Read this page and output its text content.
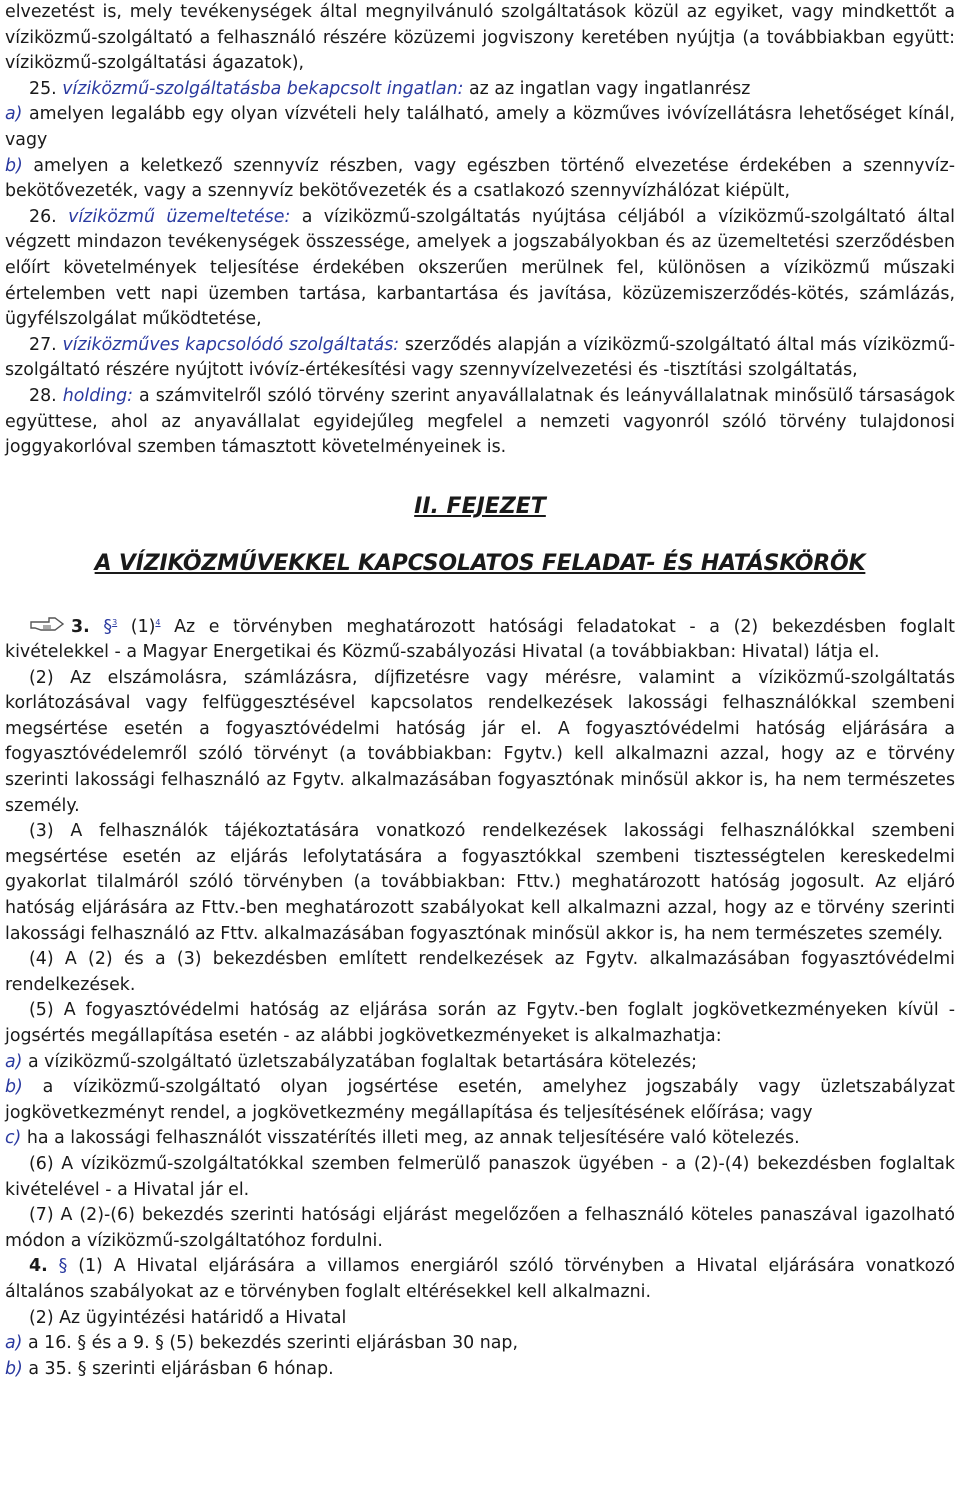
elvezetést is, mely tevékenységek által megnyilvánuló szolgáltatások közül az egyiket, vagy mindkettőt a víziközmű-szolgáltató a felhasználó részére közüzemi jogviszony keretében nyújtja (a továbbiakban együtt: víziközmű-szolgáltatási ágazatok),

25. víziközmű-szolgáltatásba bekapcsolt ingatlan: az az ingatlan vagy ingatlanrész

a) amelyen legalább egy olyan vízvételi hely található, amely a közműves ivóvízellátásra lehetőséget kínál, vagy

b) amelyen a keletkező szennyvíz részben, vagy egészben történő elvezetése érdekében a szennyvíz-bekötővezeték, vagy a szennyvíz bekötővezeték és a csatlakozó szennyvízhálózat kiépült,

26. víziközmű üzemeltetése: a víziközmű-szolgáltatás nyújtása céljából a víziközmű-szolgáltató által végzett mindazon tevékenységek összessége, amelyek a jogszabályokban és az üzemeltetési szerződésben előírt követelmények teljesítése érdekében okszerűen merülnek fel, különösen a víziközmű műszaki értelemben vett napi üzemben tartása, karbantartása és javítása, közüzemiszerződés-kötés, számlázás, ügyfélszolgálat működtetése,

27. víziközműves kapcsolódó szolgáltatás: szerződés alapján a víziközmű-szolgáltató által más víziközmű-szolgáltató részére nyújtott ivóvíz-értékesítési vagy szennyvízelvezetési és -tisztítási szolgáltatás,

28. holding: a számvitelről szóló törvény szerint anyavállalatnak és leányvállalatnak minősülő társaságok együttese, ahol az anyavállalat egyidejűleg megfelel a nemzeti vagyonról szóló törvény tulajdonosi joggyakorlóval szemben támasztott követelményeinek is.

II. FEJEZET

A VÍZIKÖZMŰVEKKEL KAPCSOLATOS FELADAT- ÉS HATÁSKÖRÖK

3. §$^3$ $(1)^4$ Az e törvényben meghatározott hatósági feladatokat - a (2) bekezdésben foglalt kivételekkel - a Magyar Energetikai és Közmű-szabályozási Hivatal (a továbbiakban: Hivatal) látja el.

(2) Az elszámolásra, számlázásra, díjfizetésre vagy mérésre, valamint a víziközmű-szolgáltatás korlátozásával vagy felfüggesztésével kapcsolatos rendelkezések lakossági felhasználókkal szembeni megsértése esetén a fogyasztóvédelmi hatóság jár el. A fogyasztóvédelmi hatóság eljárására a fogyasztóvédelemről szóló törvényt (a továbbiakban: Fgytv.) kell alkalmazni azzal, hogy az e törvény szerinti lakossági felhasználó az Fgytv. alkalmazásában fogyasztónak minősül akkor is, ha nem természetes személy.

(3) A felhasználók tájékoztatására vonatkozó rendelkezések lakossági felhasználókkal szembeni megsértése esetén az eljárás lefolytatására a fogyasztókkal szembeni tisztességtelen kereskedelmi gyakorlat tilalmáról szóló törvényben (a továbbiakban: Fttv.) meghatározott hatóság jogosult. Az eljáró hatóság eljárására az Fttv.-ben meghatározott szabályokat kell alkalmazni azzal, hogy az e törvény szerinti lakossági felhasználó az Fttv. alkalmazásában fogyasztónak minősül akkor is, ha nem természetes személy.

(4) A (2) és a (3) bekezdésben említett rendelkezések az Fgytv. alkalmazásában fogyasztóvédelmi rendelkezések.

(5) A fogyasztóvédelmi hatóság az eljárása során az Fgytv.-ben foglalt jogkövetkezményeken kívül - jogsértés megállapítása esetén - az alábbi jogkövetkezményeket is alkalmazhatja:

a) a víziközmű-szolgáltató üzletszabályzatában foglaltak betartására kötelezés;

b) a víziközmű-szolgáltató olyan jogsértése esetén, amelyhez jogszabály vagy üzletszabályzat jogkövetkezményt rendel, a jogkövetkezmény megállapítása és teljesítésének előírása; vagy

c) ha a lakossági felhasználót visszatérítés illeti meg, az annak teljesítésére való kötelezés.

(6) A víziközmű-szolgáltatókkal szemben felmerülő panaszok ügyében - a (2)-(4) bekezdésben foglaltak kivételével - a Hivatal jár el.

(7) A (2)-(6) bekezdés szerinti hatósági eljárást megelőzően a felhasználó köteles panaszával igazolható módon a víziközmű-szolgáltatóhoz fordulni.

4. § (1) A Hivatal eljárására a villamos energiáról szóló törvényben a Hivatal eljárására vonatkozó általános szabályokat az e törvényben foglalt eltérésekkel kell alkalmazni.

(2) Az ügyintézési határidő a Hivatal

a) a 16. § és a 9. § (5) bekezdés szerinti eljárásban 30 nap,

b) a 35. § szerinti eljárásban 6 hónap.
